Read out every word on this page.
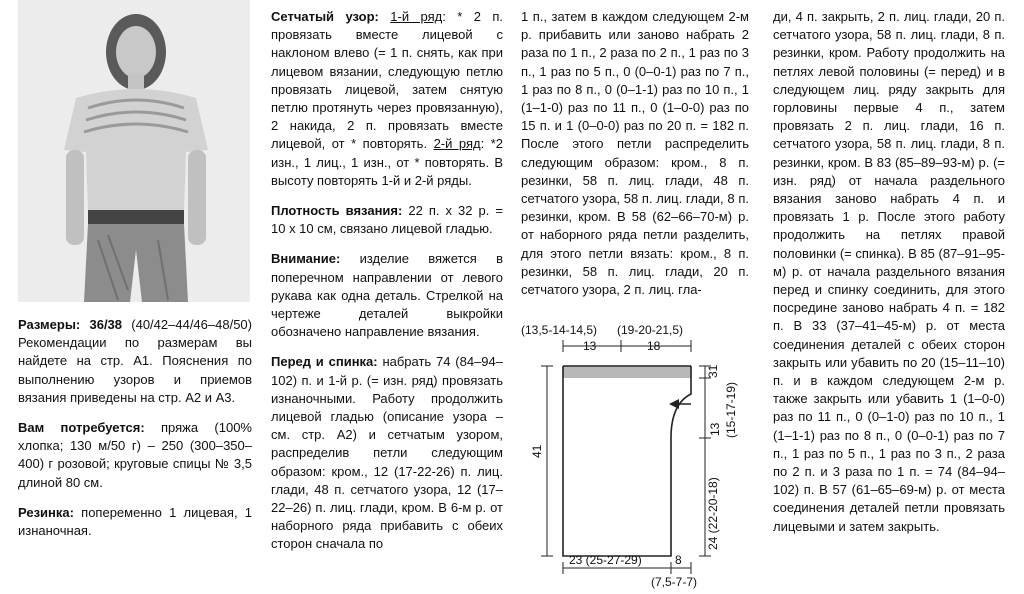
Размеры: 36/38 (40/42–44/46–48/50) Рекомендации по размерам вы найдете на стр. А1. Пояснения по выполнению узоров и приемов вязания приведены на стр. А2 и А3.

Вам потребуется: пряжа (100% хлопка; 130 м/50 г) – 250 (300–350–400) г розовой; круговые спицы № 3,5 длиной 80 см.

Резинка: попеременно 1 лицевая, 1 изнаночная.

Сетчатый узор: 1-й ряд: * 2 п. провязать вместе лицевой с наклоном влево (= 1 п. снять, как при лицевом вязании, следующую петлю провязать лицевой, затем снятую петлю протянуть через провязанную), 2 накида, 2 п. провязать вместе лицевой, от * повторять. 2-й ряд: *2 изн., 1 лиц., 1 изн., от * повторять. В высоту повторять 1-й и 2-й ряды.

Плотность вязания: 22 п. х 32 р. = 10 х 10 см, связано лицевой гладью.

Внимание: изделие вяжется в поперечном направлении от левого рукава как одна деталь. Стрелкой на чертеже деталей выкройки обозначено направление вязания.

Перед и спинка: набрать 74 (84–94–102) п. и 1-й р. (= изн. ряд) провязать изнаночными. Работу продолжить лицевой гладью (описание узора – см. стр. А2) и сетчатым узором, распределив петли следующим образом: кром., 12 (17-22-26) п. лиц. глади, 48 п. сетчатого узора, 12 (17–22–26) п. лиц. глади, кром. В 6-м р. от наборного ряда прибавить с обеих сторон сначала по

1 п., затем в каждом следующем 2-м р. прибавить или заново набрать 2 раза по 1 п., 2 раза по 2 п., 1 раз по 3 п., 1 раз по 5 п., 0 (0–0-1) раз по 7 п., 1 раз по 8 п., 0 (0–1-1) раз по 10 п., 1 (1–1-0) раз по 11 п., 0 (1–0-0) раз по 15 п. и 1 (0–0-0) раз по 20 п. = 182 п. После этого петли распределить следующим образом: кром., 8 п. резинки, 58 п. лиц. глади, 48 п. сетчатого узора, 58 п. лиц. глади, 8 п. резинки, кром. В 58 (62–66–70-м) р. от наборного ряда петли разделить, для этого петли вязать: кром., 8 п. резинки, 58 п. лиц. глади, 20 п. сетчатого узора, 2 п. лиц. гла-

ди, 4 п. закрыть, 2 п. лиц. глади, 20 п. сетчатого узора, 58 п. лиц. глади, 8 п. резинки, кром. Работу продолжить на петлях левой половины (= перед) и в следующем лиц. ряду закрыть для горловины первые 4 п., затем провязать 2 п. лиц. глади, 16 п. сетчатого узора, 58 п. лиц. глади, 8 п. резинки, кром. В 83 (85–89–93-м) р. (= изн. ряд) от начала раздельного вязания заново набрать 4 п. и провязать 1 р. После этого работу продолжить на петлях правой половинки (= спинка). В 85 (87–91–95-м) р. от начала раздельного вязания перед и спинку соединить, для этого посредине заново набрать 4 п. = 182 п. В 33 (37–41–45-м) р. от места соединения деталей с обеих сторон закрыть или убавить по 20 (15–11–10) п. и в каждом следующем 2-м р. также закрыть или убавить 1 (1–0-0) раз по 11 п., 0 (0–1-0) раз по 10 п., 1 (1–1-1) раз по 8 п., 0 (0–0-1) раз по 7 п., 1 раз по 5 п., 1 раз по 3 п., 2 раза по 2 п. и 3 раза по 1 п. = 74 (84–94–102) п. В 57 (61–65–69-м) р. от места соединения деталей петли провязать лицевыми и затем закрыть.

(13,5-14-14,5) (19-20-21,5)
13	18
41
31
13 (15-17-19)
24 (22-20-18)
23 (25-27-29)	8
(7,5-7-7)
